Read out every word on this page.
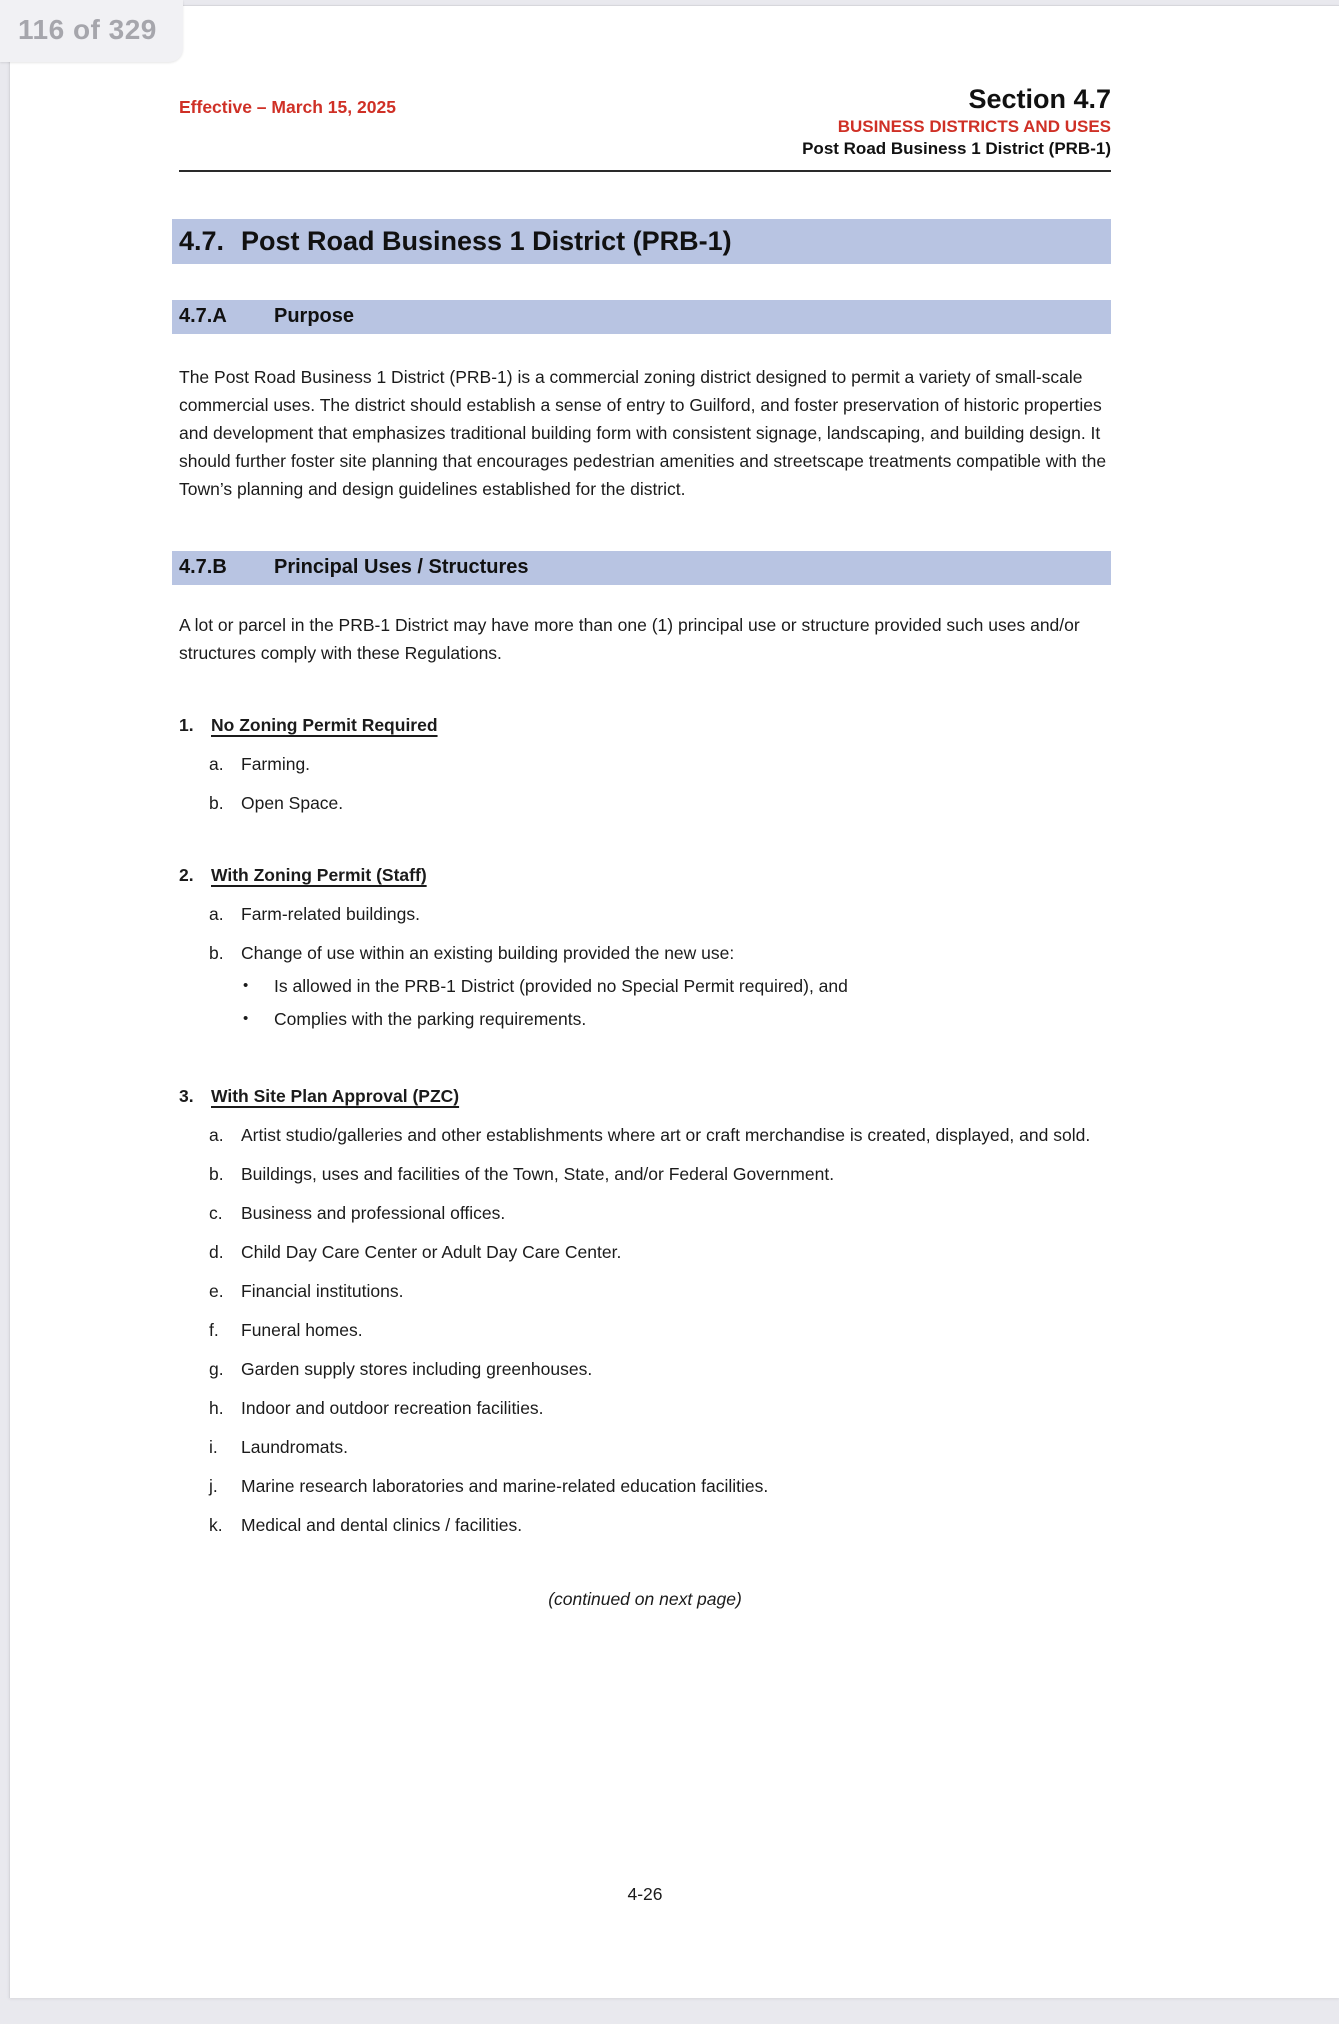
Effective – March 15, 2025	Section 4.7
BUSINESS DISTRICTS AND USES
Post Road Business 1 District (PRB-1)
4.7. Post Road Business 1 District (PRB-1)
4.7.A Purpose

The Post Road Business 1 District (PRB-1) is a commercial zoning district designed to permit a variety of small-scale commercial uses. The district should establish a sense of entry to Guilford, and foster preservation of historic properties and development that emphasizes traditional building form with consistent signage, landscaping, and building design. It should further foster site planning that encourages pedestrian amenities and streetscape treatments compatible with the Town’s planning and design guidelines established for the district.

4.7.B Principal Uses / Structures

A lot or parcel in the PRB-1 District may have more than one (1) principal use or structure provided such uses and/or structures comply with these Regulations.

1. No Zoning Permit Required
a. Farming.
b. Open Space.
2. With Zoning Permit (Staff)
a. Farm-related buildings.
b. Change of use within an existing building provided the new use:
•	Is allowed in the PRB-1 District (provided no Special Permit required), and
•	Complies with the parking requirements.
3. With Site Plan Approval (PZC)
a. Artist studio/galleries and other establishments where art or craft merchandise is created, displayed, and sold.
b. Buildings, uses and facilities of the Town, State, and/or Federal Government.
c.	Business and professional offices.
d. Child Day Care Center or Adult Day Care Center.
e. Financial institutions.
f.	Funeral homes.
g. Garden supply stores including greenhouses.
h. Indoor and outdoor recreation facilities.
i.	Laundromats.
j.	Marine research laboratories and marine-related education facilities.
k.	Medical and dental clinics / facilities.

(continued on next page)

4-26
116 of 329
